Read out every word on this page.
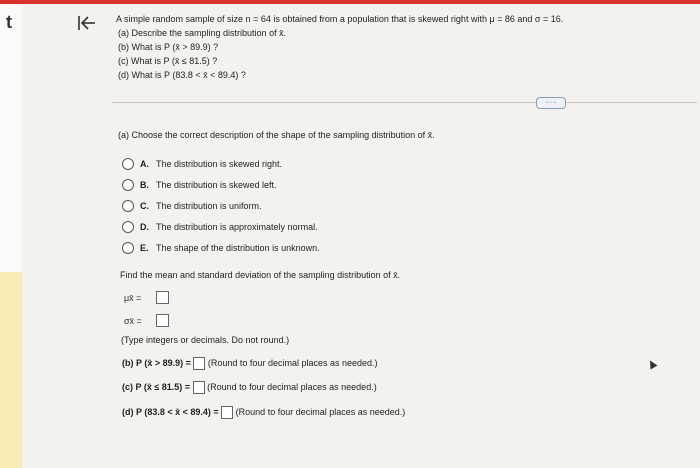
t	A simple random sample of size n = 64 is obtained from a population that is skewed right with μ = 86 and σ = 16.
(a) Describe the sampling distribution of x̄.
(b) What is P (x̄ > 89.9) ?
(c) What is P (x̄ ≤ 81.5) ?
(d) What is P (83.8 < x̄ < 89.4) ?
·····
(a) Choose the correct description of the shape of the sampling distribution of x̄.
A. The distribution is skewed right.
B. The distribution is skewed left.
C. The distribution is uniform.
D. The distribution is approximately normal.
E. The shape of the distribution is unknown.
Find the mean and standard deviation of the sampling distribution of x̄.
μx̄ =
σx̄ =
(Type integers or decimals. Do not round.)
(b) P (x̄ > 89.9) = (Round to four decimal places as needed.)
(c) P (x̄ ≤ 81.5) = (Round to four decimal places as needed.)
(d) P (83.8 < x̄ < 89.4) = (Round to four decimal places as needed.)
